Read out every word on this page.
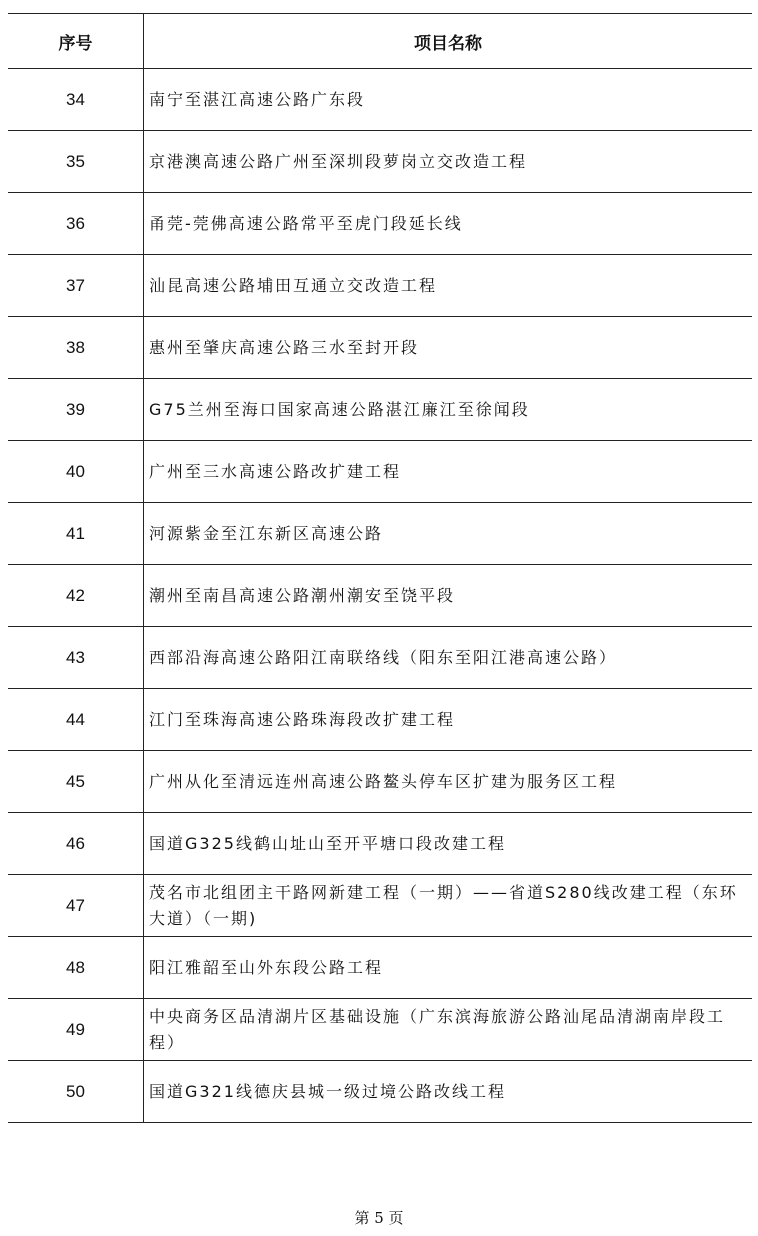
序号	项目名称
34	南宁至湛江高速公路广东段
35	京港澳高速公路广州至深圳段萝岗立交改造工程
36	甬莞-莞佛高速公路常平至虎门段延长线
37	汕昆高速公路埔田互通立交改造工程
38	惠州至肇庆高速公路三水至封开段
39	G75兰州至海口国家高速公路湛江廉江至徐闻段
40	广州至三水高速公路改扩建工程
41	河源紫金至江东新区高速公路
42	潮州至南昌高速公路潮州潮安至饶平段
43	西部沿海高速公路阳江南联络线（阳东至阳江港高速公路）
44	江门至珠海高速公路珠海段改扩建工程
45	广州从化至清远连州高速公路鳌头停车区扩建为服务区工程
46	国道G325线鹤山址山至开平塘口段改建工程
47	茂名市北组团主干路网新建工程（一期）——省道S280线改建工程（东环大道）（一期)
48	阳江雅韶至山外东段公路工程
49	中央商务区品清湖片区基础设施（广东滨海旅游公路汕尾品清湖南岸段工程）
50	国道G321线德庆县城一级过境公路改线工程
第 5 页
